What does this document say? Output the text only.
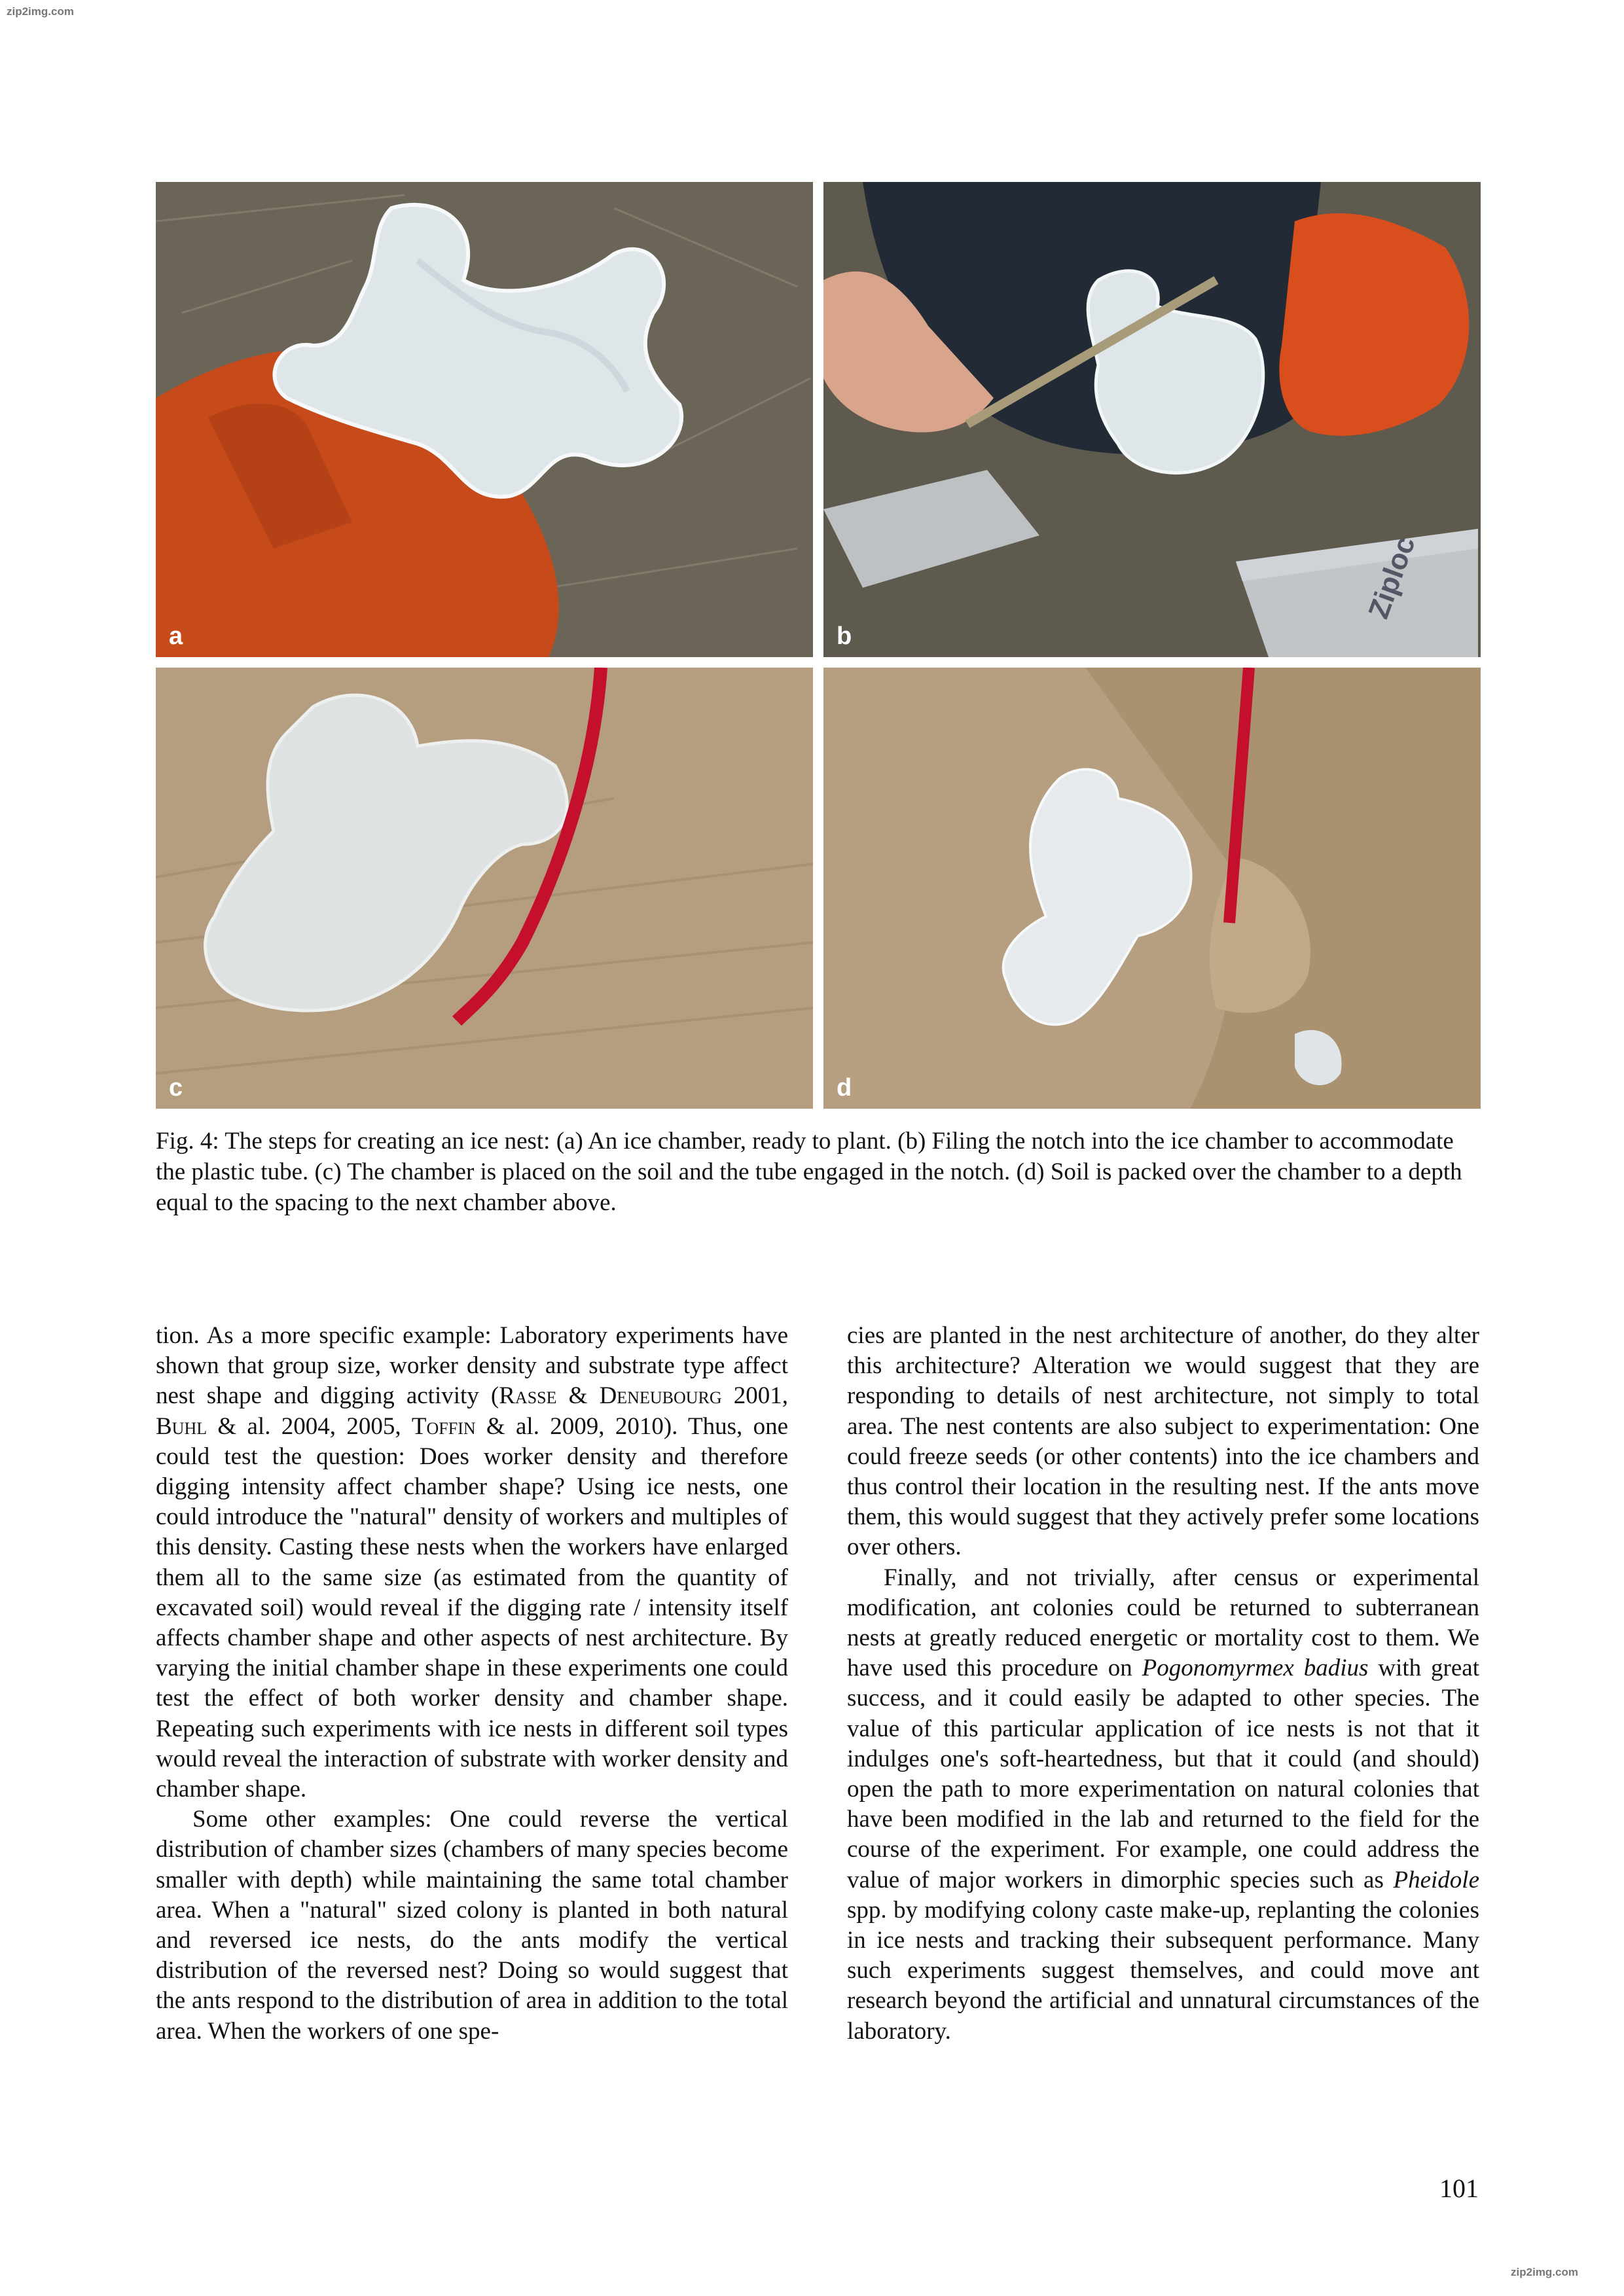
zip2img.com
a
Ziploc
b
c	d

Fig. 4: The steps for creating an ice nest: (a) An ice chamber, ready to plant. (b) Filing the notch into the ice chamber to accommodate the plastic tube. (c) The chamber is placed on the soil and the tube engaged in the notch. (d) Soil is packed over the chamber to a depth equal to the spacing to the next chamber above.

tion. As a more specific example: Laboratory experiments have shown that group size, worker density and substrate type affect nest shape and digging activity (Rasse & Deneubourg 2001, Buhl & al. 2004, 2005, Toffin & al. 2009, 2010). Thus, one could test the question: Does worker density and therefore digging intensity affect chamber shape? Using ice nests, one could introduce the "natural" density of workers and multiples of this density. Casting these nests when the workers have enlarged them all to the same size (as estimated from the quantity of excavated soil) would reveal if the digging rate / intensity itself affects chamber shape and other aspects of nest architecture. By varying the initial chamber shape in these experiments one could test the effect of both worker density and chamber shape. Repeating such experiments with ice nests in different soil types would reveal the interaction of substrate with worker density and chamber shape.

Some other examples: One could reverse the vertical distribution of chamber sizes (chambers of many species become smaller with depth) while maintaining the same total chamber area. When a "natural" sized colony is planted in both natural and reversed ice nests, do the ants modify the vertical distribution of the reversed nest? Doing so would suggest that the ants respond to the distribution of area in addition to the total area. When the workers of one spe-

cies are planted in the nest architecture of another, do they alter this architecture? Alteration we would suggest that they are responding to details of nest architecture, not simply to total area. The nest contents are also subject to experimentation: One could freeze seeds (or other contents) into the ice chambers and thus control their location in the resulting nest. If the ants move them, this would suggest that they actively prefer some locations over others.

Finally, and not trivially, after census or experimental modification, ant colonies could be returned to subterranean nests at greatly reduced energetic or mortality cost to them. We have used this procedure on Pogonomyrmex badius with great success, and it could easily be adapted to other species. The value of this particular application of ice nests is not that it indulges one's soft-heartedness, but that it could (and should) open the path to more experimentation on natural colonies that have been modified in the lab and returned to the field for the course of the experiment. For example, one could address the value of major workers in dimorphic species such as Pheidole spp. by modifying colony caste make-up, replanting the colonies in ice nests and tracking their subsequent performance. Many such experiments suggest themselves, and could move ant research beyond the artificial and unnatural circumstances of the laboratory.

101
zip2img.com
